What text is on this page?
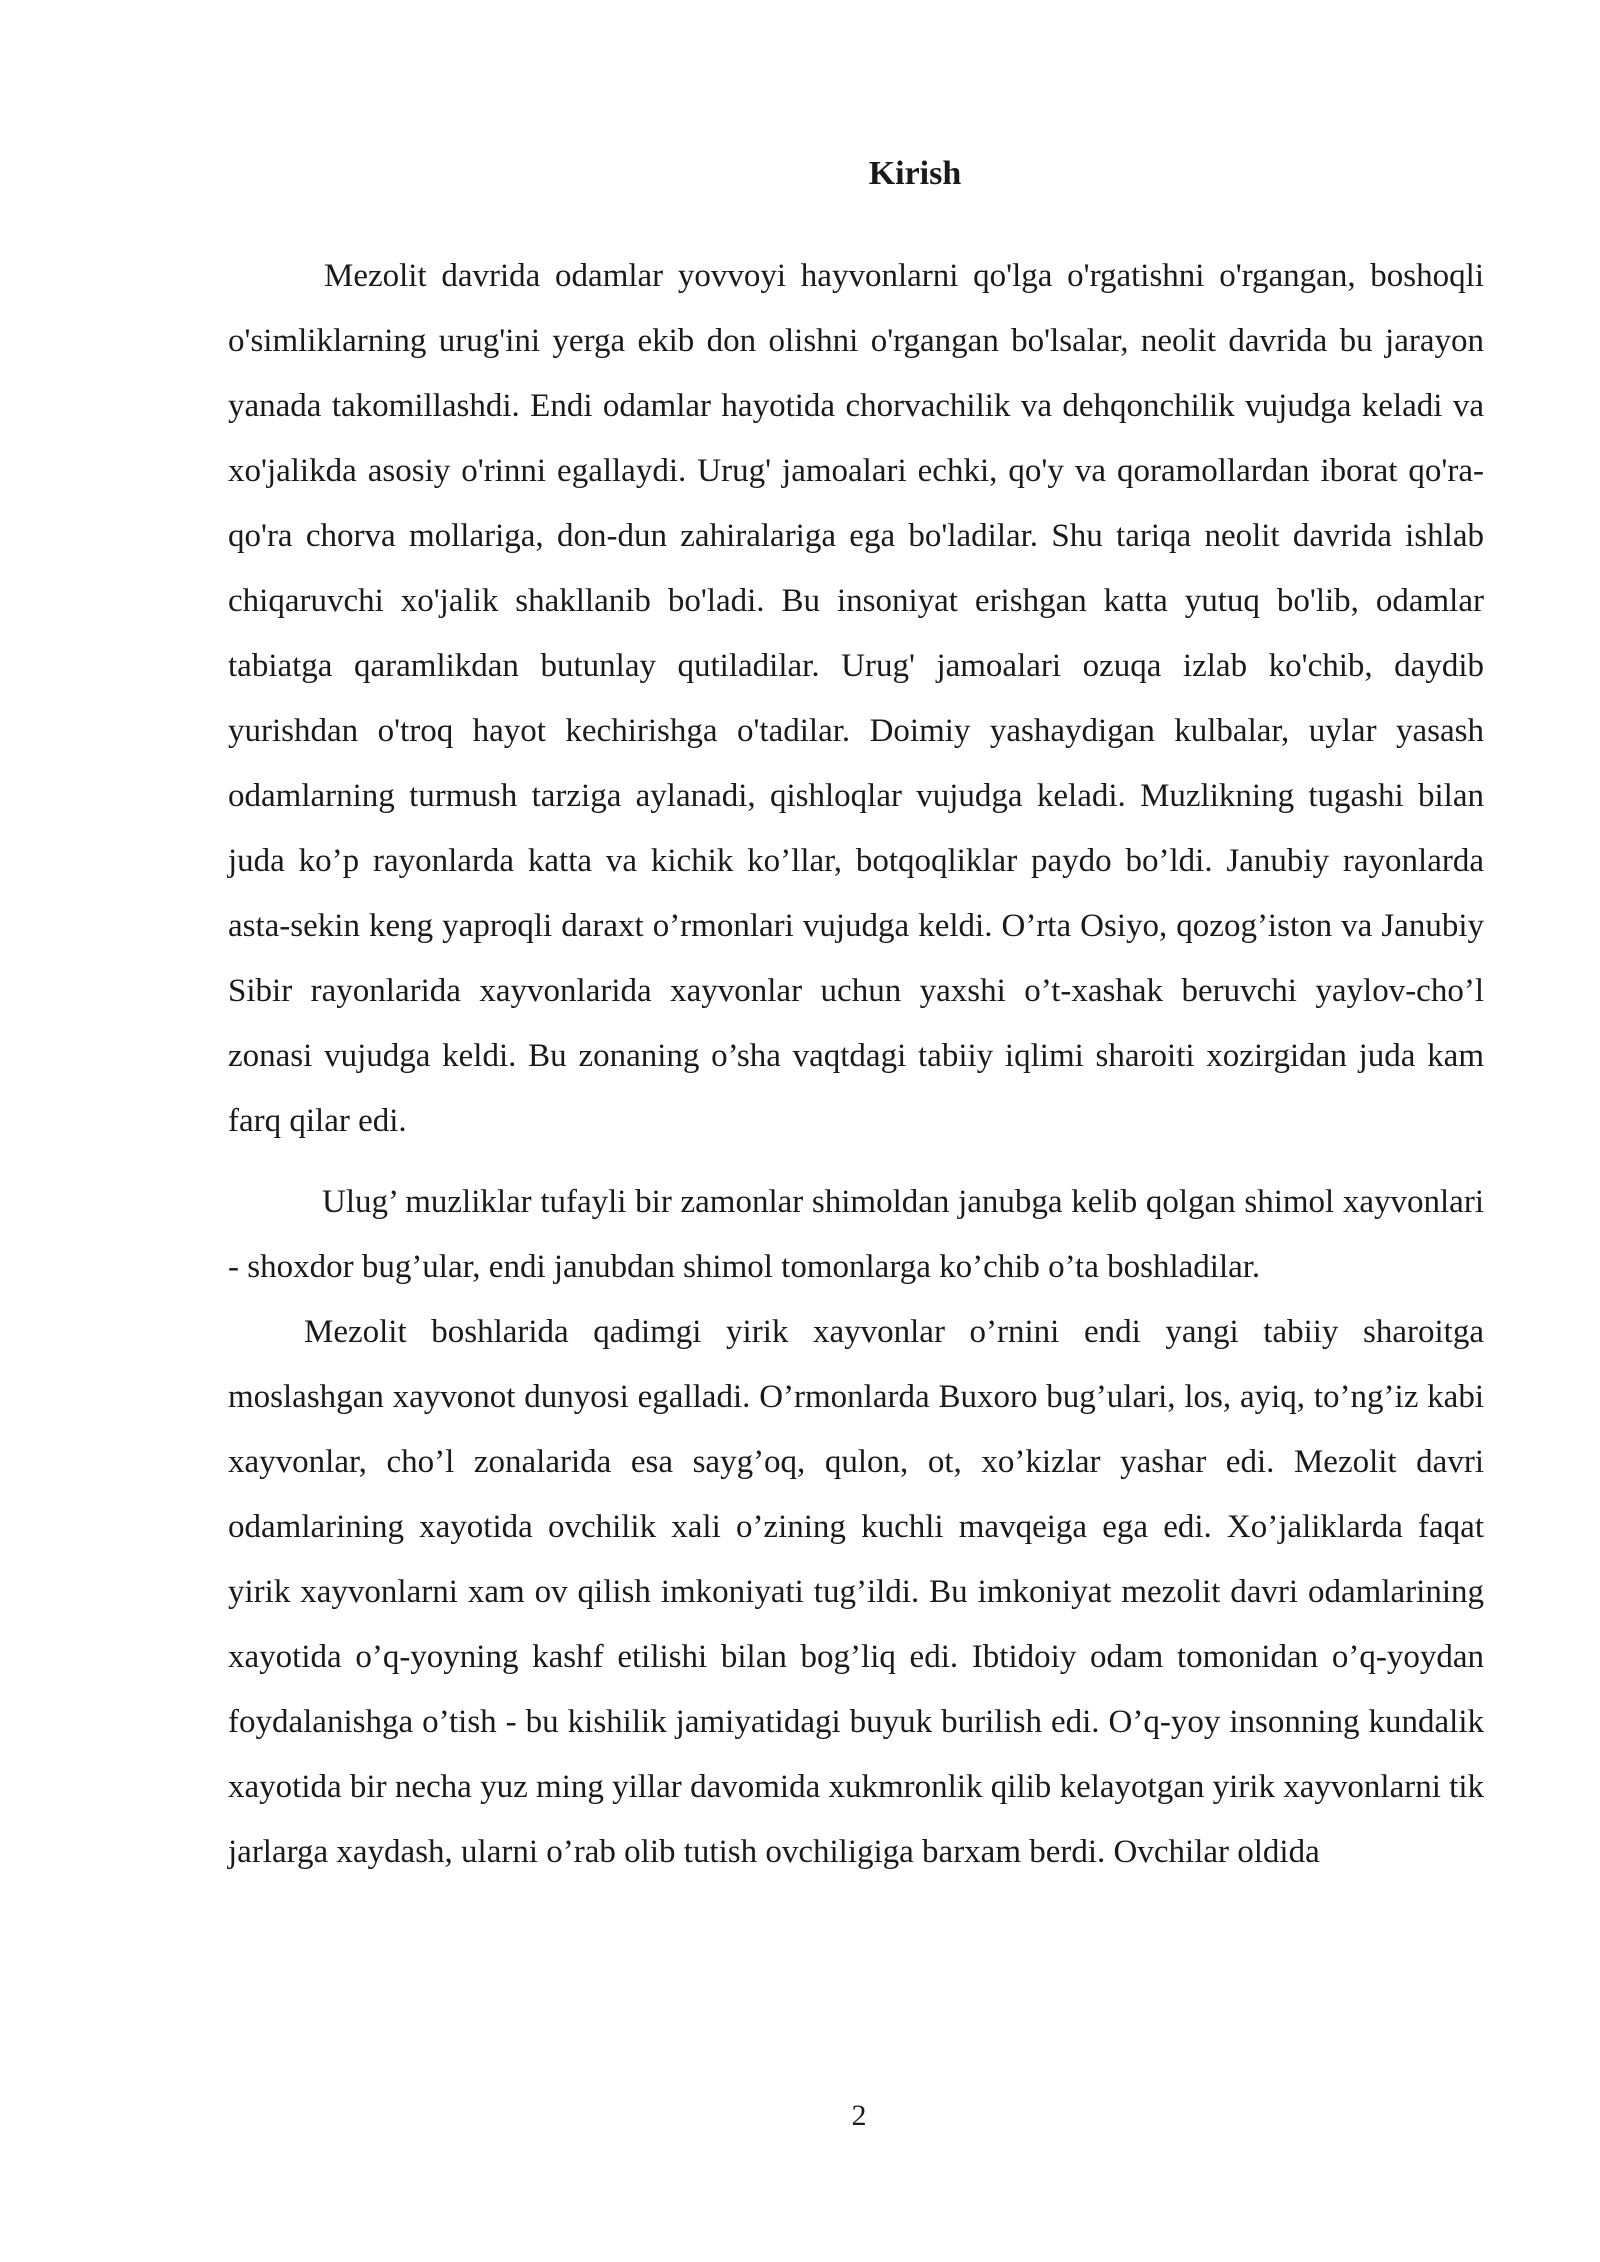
Kirish

Mezolit davrida odamlar yovvoyi hayvonlarni qo'lga o'rgatishni o'rgangan, boshoqli o'simliklarning urug'ini yerga ekib don olishni o'rgangan bo'lsalar, neolit davrida bu jarayon yanada takomillashdi. Endi odamlar hayotida chorvachilik va dehqonchilik vujudga keladi va xo'jalikda asosiy o'rinni egallaydi. Urug' jamoalari echki, qo'y va qoramollardan iborat qo'ra-qo'ra chorva mollariga, don-dun zahiralariga ega bo'ladilar. Shu tariqa neolit davrida ishlab chiqaruvchi xo'jalik shakllanib bo'ladi. Bu insoniyat erishgan katta yutuq bo'lib, odamlar tabiatga qaramlikdan butunlay qutiladilar. Urug' jamoalari ozuqa izlab ko'chib, daydib yurishdan o'troq hayot kechirishga o'tadilar. Doimiy yashaydigan kulbalar, uylar yasash odamlarning turmush tarziga aylanadi, qishloqlar vujudga keladi. Muzlikning tugashi bilan juda ko’p rayonlarda katta va kichik ko’llar, botqoqliklar paydo bo’ldi. Janubiy rayonlarda asta-sekin keng yaproqli daraxt o’rmonlari vujudga keldi. O’rta Osiyo, qozog’iston va Janubiy Sibir rayonlarida xayvonlarida xayvonlar uchun yaxshi o’t-xashak beruvchi yaylov-cho’l zonasi vujudga keldi. Bu zonaning o’sha vaqtdagi tabiiy iqlimi sharoiti xozirgidan juda kam farq qilar edi.

Ulug’ muzliklar tufayli bir zamonlar shimoldan janubga kelib qolgan shimol xayvonlari - shoxdor bug’ular, endi janubdan shimol tomonlarga ko’chib o’ta boshladilar.

Mezolit boshlarida qadimgi yirik xayvonlar o’rnini endi yangi tabiiy sharoitga moslashgan xayvonot dunyosi egalladi. O’rmonlarda Buxoro bug’ulari, los, ayiq, to’ng’iz kabi xayvonlar, cho’l zonalarida esa sayg’oq, qulon, ot, xo’kizlar yashar edi. Mezolit davri odamlarining xayotida ovchilik xali o’zining kuchli mavqeiga ega edi. Xo’jaliklarda faqat yirik xayvonlarni xam ov qilish imkoniyati tug’ildi. Bu imkoniyat mezolit davri odamlarining xayotida o’q-yoyning kashf etilishi bilan bog’liq edi. Ibtidoiy odam tomonidan o’q-yoydan foydalanishga o’tish - bu kishilik jamiyatidagi buyuk burilish edi. O’q-yoy insonning kundalik xayotida bir necha yuz ming yillar davomida xukmronlik qilib kelayotgan yirik xayvonlarni tik jarlarga xaydash, ularni o’rab olib tutish ovchiligiga barxam berdi. Ovchilar oldida

2
